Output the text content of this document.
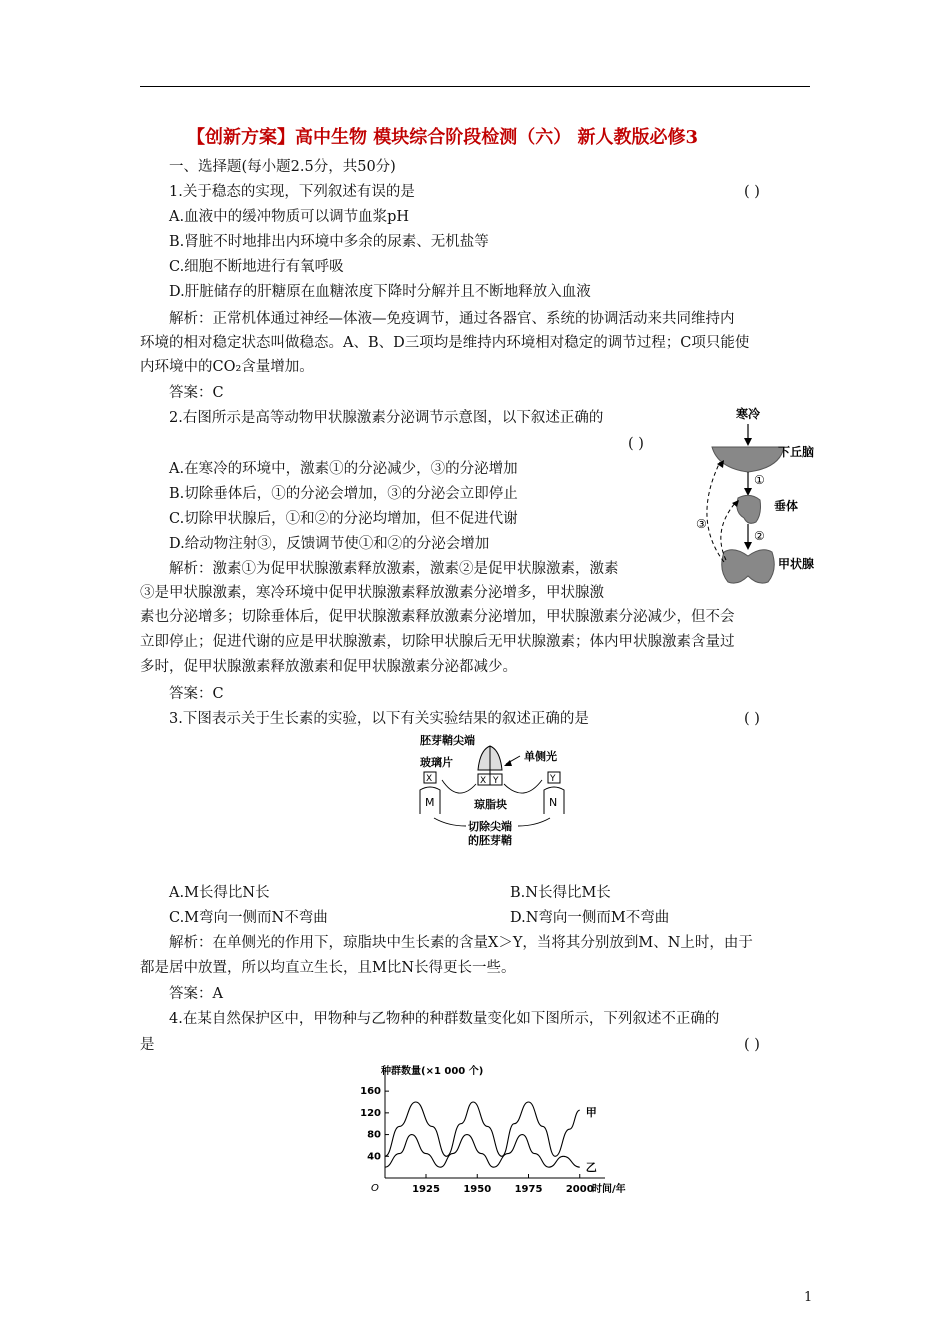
【创新方案】高中生物 模块综合阶段检测（六） 新人教版必修3
一、选择题(每小题2.5分，共50分)
1.关于稳态的实现，下列叙述有误的是	( )
A.血液中的缓冲物质可以调节血浆pH
B.肾脏不时地排出内环境中多余的尿素、无机盐等
C.细胞不断地进行有氧呼吸
D.肝脏储存的肝糖原在血糖浓度下降时分解并且不断地释放入血液
解析：正常机体通过神经—体液—免疫调节，通过各器官、系统的协调活动来共同维持内
环境的相对稳定状态叫做稳态。A、B、D三项均是维持内环境相对稳定的调节过程；C项只能使
内环境中的CO₂含量增加。
答案：C
2.右图所示是高等动物甲状腺激素分泌调节示意图，以下叙述正确的
( )
A.在寒冷的环境中，激素①的分泌减少，③的分泌增加
B.切除垂体后，①的分泌会增加，③的分泌会立即停止
C.切除甲状腺后，①和②的分泌均增加，但不促进代谢
D.给动物注射③，反馈调节使①和②的分泌会增加
解析：激素①为促甲状腺激素释放激素，激素②是促甲状腺激素，激素
③是甲状腺激素，寒冷环境中促甲状腺激素释放激素分泌增多，甲状腺激
素也分泌增多；切除垂体后，促甲状腺激素释放激素分泌增加，甲状腺激素分泌减少，但不会
立即停止；促进代谢的应是甲状腺激素，切除甲状腺后无甲状腺激素；体内甲状腺激素含量过
多时，促甲状腺激素释放激素和促甲状腺激素分泌都减少。
答案：C
寒冷
下丘脑
①
垂体
②
甲状腺
③
3.下图表示关于生长素的实验，以下有关实验结果的叙述正确的是	( )
胚芽鞘尖端
玻璃片	单侧光
X Y
X	Y
M	N
琼脂块
切除尖端
的胚芽鞘
A.M长得比N长	B.N长得比M长
C.M弯向一侧而N不弯曲	D.N弯向一侧而M不弯曲
解析：在单侧光的作用下，琼脂块中生长素的含量X＞Y，当将其分别放到M、N上时，由于
都是居中放置，所以均直立生长，且M比N长得更长一些。
答案：A
4.在某自然保护区中，甲物种与乙物种的种群数量变化如下图所示，下列叙述不正确的
是	( )
种群数量(×1 000 个)
时间/年
O
40
80
120
160
1925 1950 1975 2000
甲
乙
1
